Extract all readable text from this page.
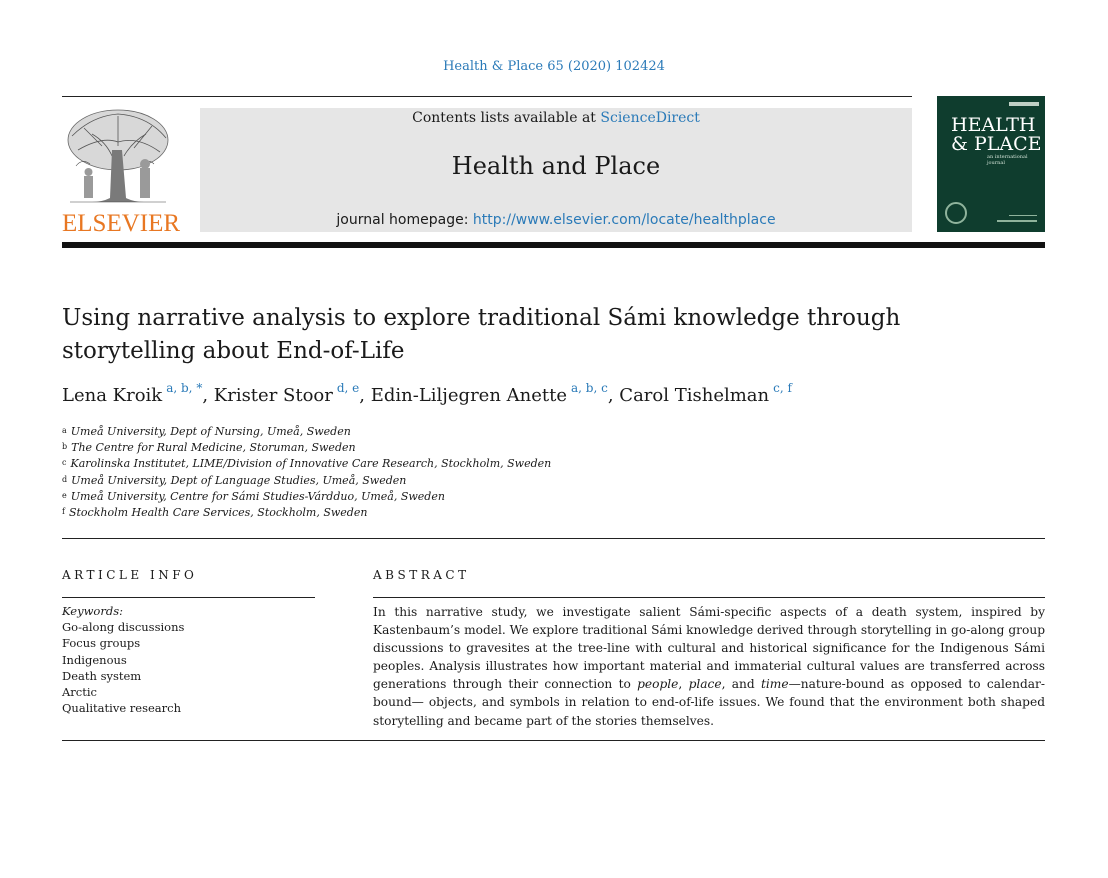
Health & Place 65 (2020) 102424
ELSEVIER
Contents lists available at ScienceDirect
Health and Place
journal homepage: http://www.elsevier.com/locate/healthplace
HEALTH
& PLACE
an international journal
Using narrative analysis to explore traditional Sámi knowledge through storytelling about End-of-Life
Lena Kroik $^{a, b, *}$, Krister Stoor $^{d, e}$, Edin-Liljegren Anette $^{a, b, c}$, Carol Tishelman $^{c, f}$
$^a$ Umeå University, Dept of Nursing, Umeå, Sweden
$^b$ The Centre for Rural Medicine, Storuman, Sweden
$^c$ Karolinska Institutet, LIME/Division of Innovative Care Research, Stockholm, Sweden
$^d$ Umeå University, Dept of Language Studies, Umeå, Sweden
$^e$ Umeå University, Centre for Sámi Studies-Várdduo, Umeå, Sweden
$^f$ Stockholm Health Care Services, Stockholm, Sweden
ARTICLE INFO	ABSTRACT
Keywords:
Go-along discussions
Focus groups
Indigenous
Death system
Arctic
Qualitative research
In this narrative study, we investigate salient Sámi-specific aspects of a death system, inspired by Kastenbaum’s model. We explore traditional Sámi knowledge derived through storytelling in go-along group discussions to gravesites at the tree-line with cultural and historical significance for the Indigenous Sámi peoples. Analysis illustrates how important material and immaterial cultural values are transferred across generations through their connection to people, place, and time—nature-bound as opposed to calendar-bound— objects, and symbols in relation to end-of-life issues. We found that the environment both shaped storytelling and became part of the stories themselves.
